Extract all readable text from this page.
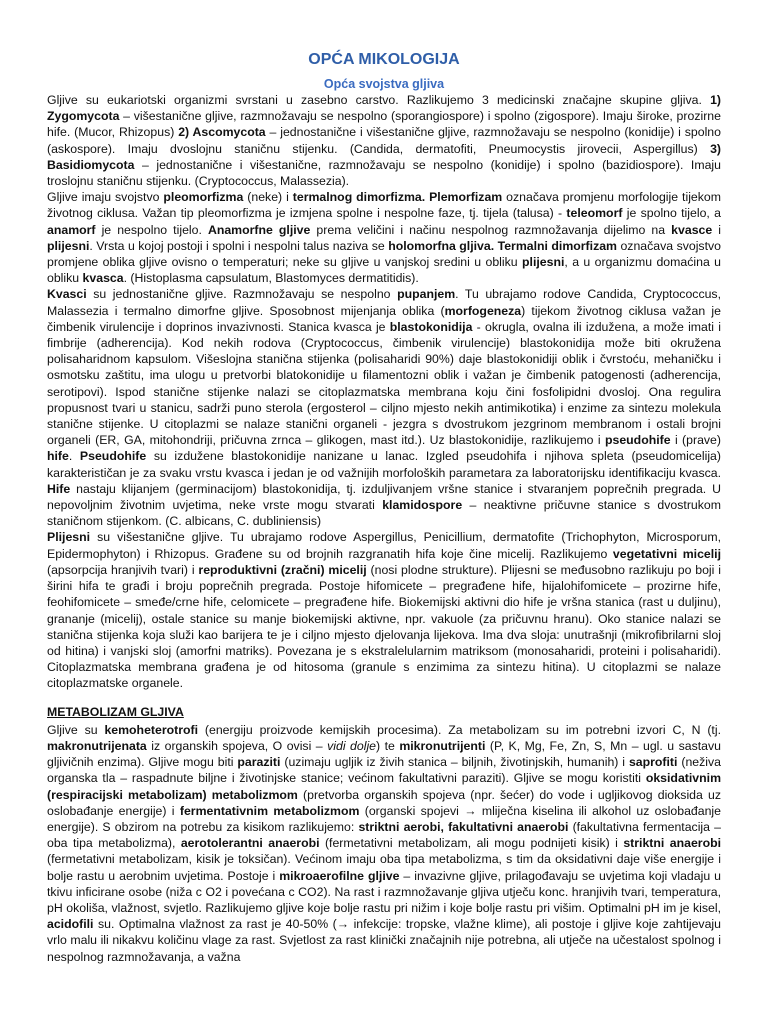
OPĆA MIKOLOGIJA
Opća svojstva gljiva

Gljive su eukariotski organizmi svrstani u zasebno carstvo. Razlikujemo 3 medicinski značajne skupine gljiva. 1) Zygomycota – višestanične gljive, razmnožavaju se nespolno (sporangiospore) i spolno (zigospore). Imaju široke, prozirne hife. (Mucor, Rhizopus) 2) Ascomycota – jednostanične i višestanične gljive, razmnožavaju se nespolno (konidije) i spolno (askospore). Imaju dvoslojnu staničnu stijenku. (Candida, dermatofiti, Pneumocystis jirovecii, Aspergillus) 3) Basidiomycota – jednostanične i višestanične, razmnožavaju se nespolno (konidije) i spolno (bazidiospore). Imaju troslojnu staničnu stijenku. (Cryptococcus, Malassezia).

Gljive imaju svojstvo pleomorfizma (neke) i termalnog dimorfizma. Plemorfizam označava promjenu morfologije tijekom životnog ciklusa. Važan tip pleomorfizma je izmjena spolne i nespolne faze, tj. tijela (talusa) - teleomorf je spolno tijelo, a anamorf je nespolno tijelo. Anamorfne gljive prema veličini i načinu nespolnog razmnožavanja dijelimo na kvasce i plijesni. Vrsta u kojoj postoji i spolni i nespolni talus naziva se holomorfna gljiva. Termalni dimorfizam označava svojstvo promjene oblika gljive ovisno o temperaturi; neke su gljive u vanjskoj sredini u obliku plijesni, a u organizmu domaćina u obliku kvasca. (Histoplasma capsulatum, Blastomyces dermatitidis).

Kvasci su jednostanične gljive. Razmnožavaju se nespolno pupanjem. Tu ubrajamo rodove Candida, Cryptococcus, Malassezia i termalno dimorfne gljive. Sposobnost mijenjanja oblika (morfogeneza) tijekom životnog ciklusa važan je čimbenik virulencije i doprinos invazivnosti. Stanica kvasca je blastokonidija - okrugla, ovalna ili izdužena, a može imati i fimbrije (adherencija). Kod nekih rodova (Cryptococcus, čimbenik virulencije) blastokonidija može biti okružena polisaharidnom kapsulom. Višeslojna stanična stijenka (polisaharidi 90%) daje blastokonidiji oblik i čvrstoću, mehaničku i osmotsku zaštitu, ima ulogu u pretvorbi blatokonidije u filamentozni oblik i važan je čimbenik patogenosti (adherencija, serotipovi). Ispod stanične stijenke nalazi se citoplazmatska membrana koju čini fosfolipidni dvosloj. Ona regulira propusnost tvari u stanicu, sadrži puno sterola (ergosterol – ciljno mjesto nekih antimikotika) i enzime za sintezu molekula stanične stijenke. U citoplazmi se nalaze stanični organeli - jezgra s dvostrukom jezgrinom membranom i ostali brojni organeli (ER, GA, mitohondriji, pričuvna zrnca – glikogen, mast itd.). Uz blastokonidije, razlikujemo i pseudohife i (prave) hife. Pseudohife su izdužene blastokonidije nanizane u lanac. Izgled pseudohifa i njihova spleta (pseudomicelija) karakterističan je za svaku vrstu kvasca i jedan je od važnijih morfoloških parametara za laboratorijsku identifikaciju kvasca. Hife nastaju klijanjem (germinacijom) blastokonidija, tj. izduljivanjem vršne stanice i stvaranjem poprečnih pregrada. U nepovoljnim životnim uvjetima, neke vrste mogu stvarati klamidospore – neaktivne pričuvne stanice s dvostrukom staničnom stijenkom. (C. albicans, C. dubliniensis)

Plijesni su višestanične gljive. Tu ubrajamo rodove Aspergillus, Penicillium, dermatofite (Trichophyton, Microsporum, Epidermophyton) i Rhizopus. Građene su od brojnih razgranatih hifa koje čine micelij. Razlikujemo vegetativni micelij (apsorpcija hranjivih tvari) i reproduktivni (zračni) micelij (nosi plodne strukture). Plijesni se međusobno razlikuju po boji i širini hifa te građi i broju poprečnih pregrada. Postoje hifomicete – pregrađene hife, hijalohifomicete – prozirne hife, feohifomicete – smeđe/crne hife, celomicete – pregrađene hife. Biokemijski aktivni dio hife je vršna stanica (rast u duljinu), grananje (micelij), ostale stanice su manje biokemijski aktivne, npr. vakuole (za pričuvnu hranu). Oko stanice nalazi se stanična stijenka koja služi kao barijera te je i ciljno mjesto djelovanja lijekova. Ima dva sloja: unutrašnji (mikrofibrilarni sloj od hitina) i vanjski sloj (amorfni matriks). Povezana je s ekstralelularnim matriksom (monosaharidi, proteini i polisaharidi). Citoplazmatska membrana građena je od hitosoma (granule s enzimima za sintezu hitina). U citoplazmi se nalaze citoplazmatske organele.

METABOLIZAM GLJIVA

Gljive su kemoheterotrofi (energiju proizvode kemijskih procesima). Za metabolizam su im potrebni izvori C, N (tj. makronutrijenata iz organskih spojeva, O ovisi – vidi dolje) te mikronutrijenti (P, K, Mg, Fe, Zn, S, Mn – ugl. u sastavu gljivičnih enzima). Gljive mogu biti paraziti (uzimaju ugljik iz živih stanica – biljnih, životinjskih, humanih) i saprofiti (neživa organska tla – raspadnute biljne i životinjske stanice; većinom fakultativni paraziti). Gljive se mogu koristiti oksidativnim (respiracijski metabolizam) metabolizmom (pretvorba organskih spojeva (npr. šećer) do vode i ugljikovog dioksida uz oslobađanje energije) i fermentativnim metabolizmom (organski spojevi → mliječna kiselina ili alkohol uz oslobađanje energije). S obzirom na potrebu za kisikom razlikujemo: striktni aerobi, fakultativni anaerobi (fakultativna fermentacija – oba tipa metabolizma), aerotolerantni anaerobi (fermetativni metabolizam, ali mogu podnijeti kisik) i striktni anaerobi (fermetativni metabolizam, kisik je toksičan). Većinom imaju oba tipa metabolizma, s tim da oksidativni daje više energije i bolje rastu u aerobnim uvjetima. Postoje i mikroaerofilne gljive – invazivne gljive, prilagođavaju se uvjetima koji vladaju u tkivu inficirane osobe (niža c O2 i povećana c CO2). Na rast i razmnožavanje gljiva utječu konc. hranjivih tvari, temperatura, pH okoliša, vlažnost, svjetlo. Razlikujemo gljive koje bolje rastu pri nižim i koje bolje rastu pri višim. Optimalni pH im je kisel, acidofili su. Optimalna vlažnost za rast je 40-50% (→ infekcije: tropske, vlažne klime), ali postoje i gljive koje zahtijevaju vrlo malu ili nikakvu količinu vlage za rast. Svjetlost za rast klinički značajnih nije potrebna, ali utječe na učestalost spolnog i nespolnog razmnožavanja, a važna
